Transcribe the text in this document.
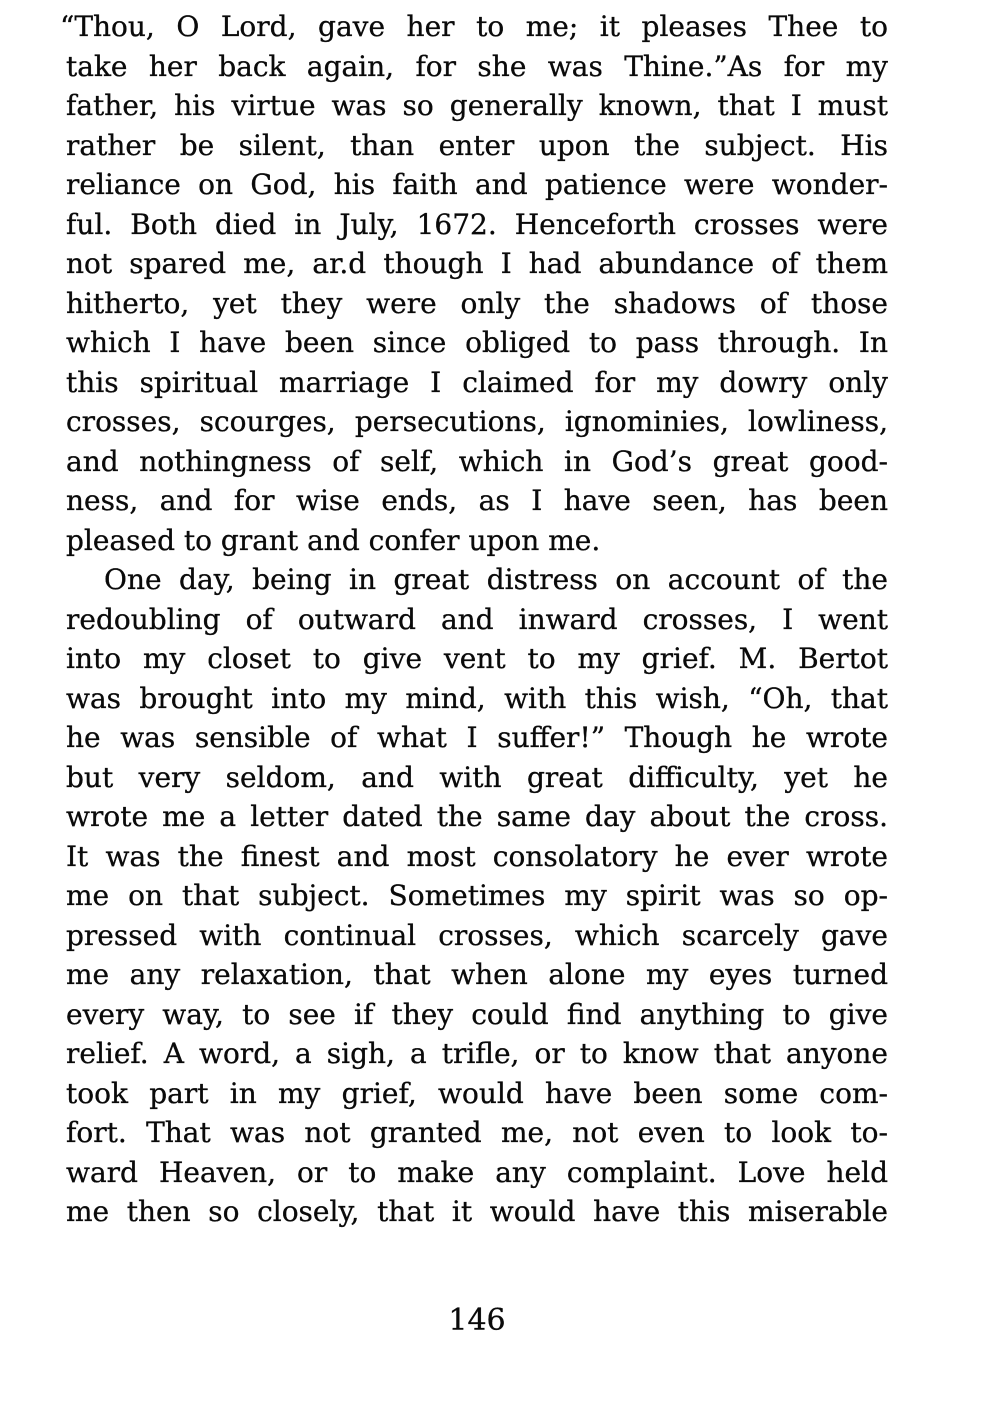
“Thou, O Lord, gave her to me; it pleases Thee to
take her back again, for she was Thine.”As for my
father, his virtue was so generally known, that I must
rather be silent, than enter upon the subject. His
reliance on God, his faith and patience were wonder-
ful. Both died in July, 1672. Henceforth crosses were
not spared me, ar.d though I had abundance of them
hitherto, yet they were only the shadows of those
which I have been since obliged to pass through. In
this spiritual marriage I claimed for my dowry only
crosses, scourges, persecutions, ignominies, lowliness,
and nothingness of self, which in God’s great good-
ness, and for wise ends, as I have seen, has been
pleased to grant and confer upon me.
One day, being in great distress on account of the
redoubling of outward and inward crosses, I went
into my closet to give vent to my grief. M. Bertot
was brought into my mind, with this wish, “Oh, that
he was sensible of what I suffer!” Though he wrote
but very seldom, and with great difficulty, yet he
wrote me a letter dated the same day about the cross.
It was the finest and most consolatory he ever wrote
me on that subject. Sometimes my spirit was so op-
pressed with continual crosses, which scarcely gave
me any relaxation, that when alone my eyes turned
every way, to see if they could find anything to give
relief. A word, a sigh, a trifle, or to know that anyone
took part in my grief, would have been some com-
fort. That was not granted me, not even to look to-
ward Heaven, or to make any complaint. Love held
me then so closely, that it would have this miserable
146
